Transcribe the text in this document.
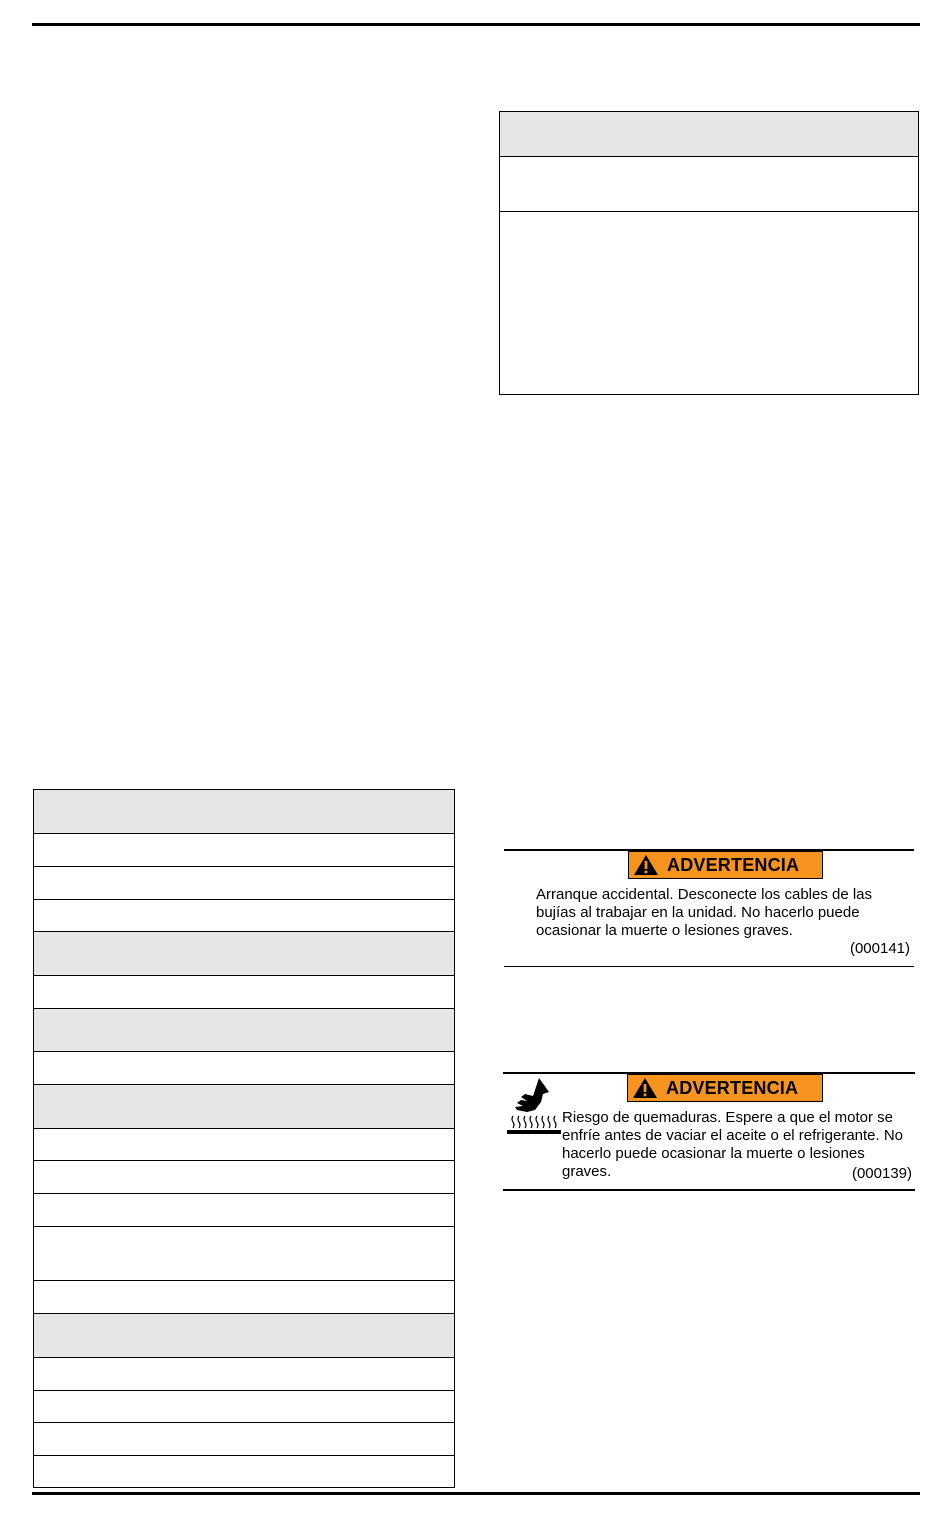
ADVERTENCIA
Arranque accidental. Desconecte los cables de las bujías al trabajar en la unidad. No hacerlo puede ocasionar la muerte o lesiones graves.
(000141)
ADVERTENCIA
Riesgo de quemaduras. Espere a que el motor se enfríe antes de vaciar el aceite o el refrigerante. No hacerlo puede ocasionar la muerte o lesiones graves.	(000139)
